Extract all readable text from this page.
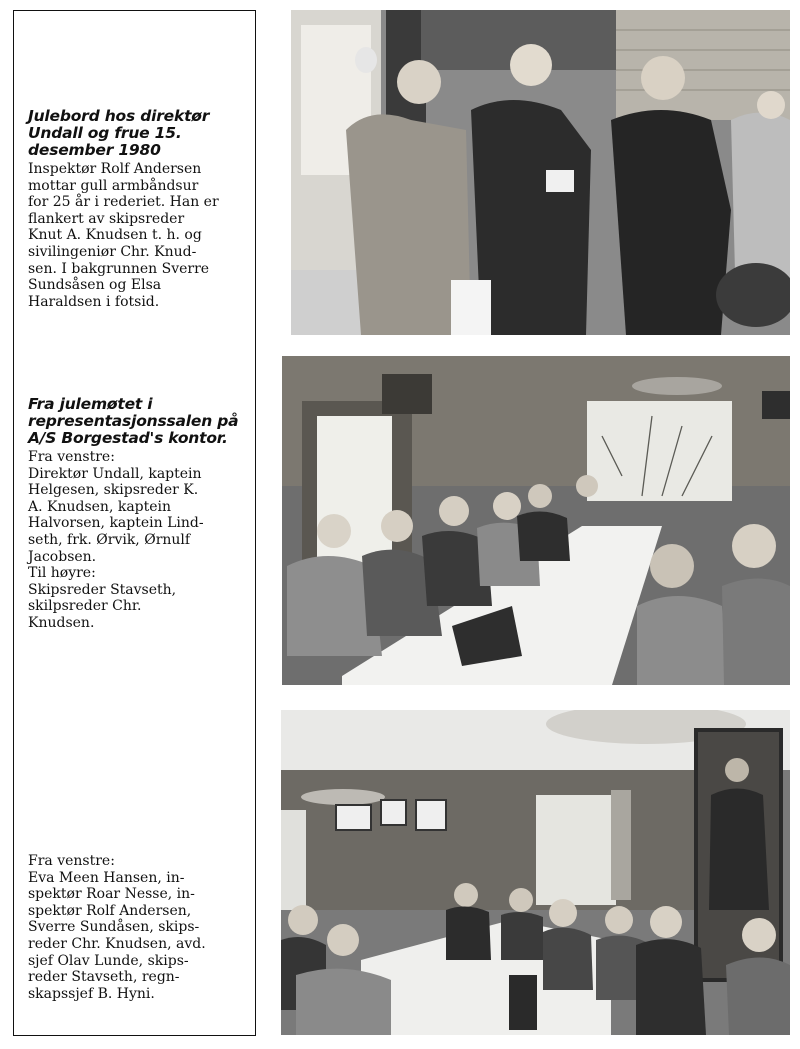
Julebord hos direktør Undall og frue 15. desember 1980

Inspektør Rolf Andersen
mottar gull armbåndsur
for 25 år i rederiet. Han er
flankert av skipsreder
Knut A. Knudsen t. h. og
sivilingeniør Chr. Knud-
sen. I bakgrunnen Sverre
Sundsåsen og Elsa
Haraldsen i fotsid.

Fra julemøtet i representasjonssalen på A/S Borgestad's kontor.

Fra venstre:
Direktør Undall, kaptein
Helgesen, skipsreder K.
A. Knudsen, kaptein
Halvorsen, kaptein Lind-
seth, frk. Ørvik, Ørnulf
Jacobsen.
Til høyre:
Skipsreder Stavseth,
skilpsreder Chr.
Knudsen.

Fra venstre:
Eva Meen Hansen, in-
spektør Roar Nesse, in-
spektør Rolf Andersen,
Sverre Sundåsen, skips-
reder Chr. Knudsen, avd.
sjef Olav Lunde, skips-
reder Stavseth, regn-
skapssjef B. Hyni.
